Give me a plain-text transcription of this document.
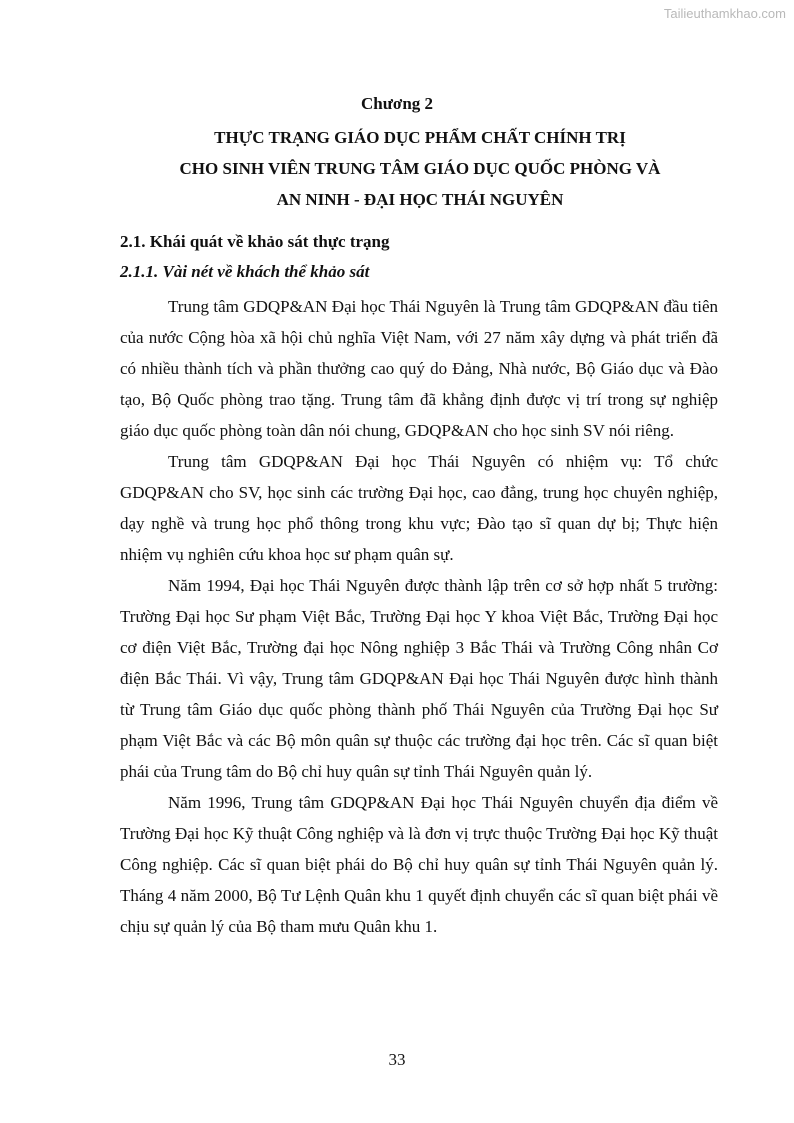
Tailieuthamkhao.com
Chương 2
THỰC TRẠNG GIÁO DỤC PHẨM CHẤT CHÍNH TRỊ
CHO SINH VIÊN TRUNG TÂM GIÁO DỤC QUỐC PHÒNG VÀ
AN NINH - ĐẠI HỌC THÁI NGUYÊN
2.1. Khái quát về khảo sát thực trạng
2.1.1. Vài nét về khách thể khảo sát

Trung tâm GDQP&AN Đại học Thái Nguyên là Trung tâm GDQP&AN đầu tiên của nước Cộng hòa xã hội chủ nghĩa Việt Nam, với 27 năm xây dựng và phát triển đã có nhiều thành tích và phần thưởng cao quý do Đảng, Nhà nước, Bộ Giáo dục và Đào tạo, Bộ Quốc phòng trao tặng. Trung tâm đã khẳng định được vị trí trong sự nghiệp giáo dục quốc phòng toàn dân nói chung, GDQP&AN cho học sinh SV nói riêng.

Trung tâm GDQP&AN Đại học Thái Nguyên có nhiệm vụ: Tổ chức GDQP&AN cho SV, học sinh các trường Đại học, cao đẳng, trung học chuyên nghiệp, dạy nghề và trung học phổ thông trong khu vực; Đào tạo sĩ quan dự bị; Thực hiện nhiệm vụ nghiên cứu khoa học sư phạm quân sự.

Năm 1994, Đại học Thái Nguyên được thành lập trên cơ sở hợp nhất 5 trường: Trường Đại học Sư phạm Việt Bắc, Trường Đại học Y khoa Việt Bắc, Trường Đại học cơ điện Việt Bắc, Trường đại học Nông nghiệp 3 Bắc Thái và Trường Công nhân Cơ điện Bắc Thái. Vì vậy, Trung tâm GDQP&AN Đại học Thái Nguyên được hình thành từ Trung tâm Giáo dục quốc phòng thành phố Thái Nguyên của Trường Đại học Sư phạm Việt Bắc và các Bộ môn quân sự thuộc các trường đại học trên. Các sĩ quan biệt phái của Trung tâm do Bộ chỉ huy quân sự tỉnh Thái Nguyên quản lý.

Năm 1996, Trung tâm GDQP&AN Đại học Thái Nguyên chuyển địa điểm về Trường Đại học Kỹ thuật Công nghiệp và là đơn vị trực thuộc Trường Đại học Kỹ thuật Công nghiệp. Các sĩ quan biệt phái do Bộ chỉ huy quân sự tỉnh Thái Nguyên quản lý. Tháng 4 năm 2000, Bộ Tư Lệnh Quân khu 1 quyết định chuyển các sĩ quan biệt phái về chịu sự quản lý của Bộ tham mưu Quân khu 1.

33
